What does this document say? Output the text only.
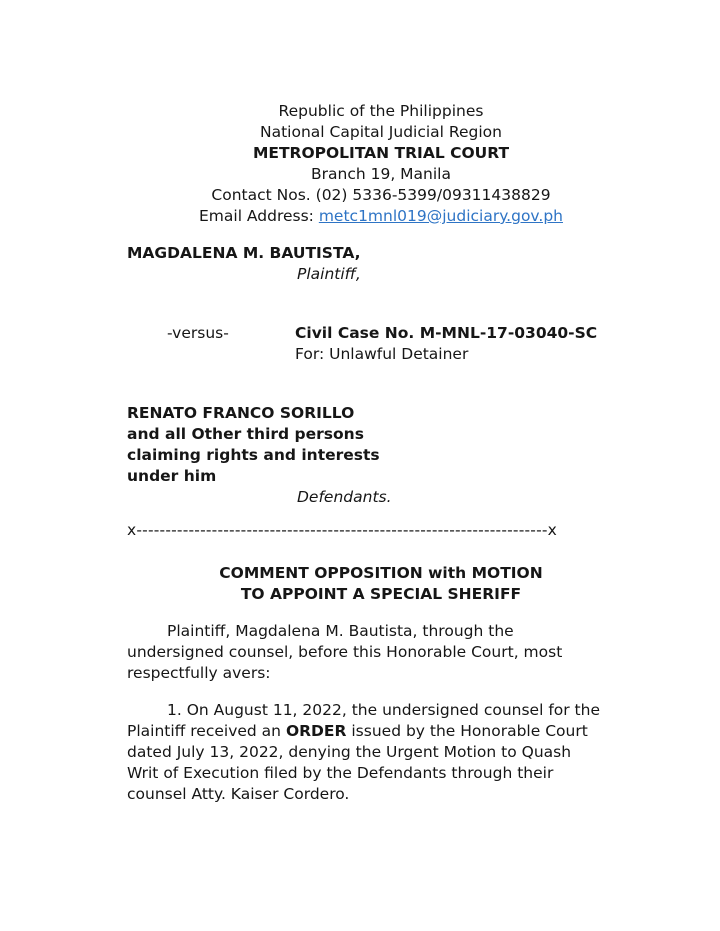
Republic of the Philippines
National Capital Judicial Region
METROPOLITAN TRIAL COURT
Branch 19, Manila
Contact Nos. (02) 5336-5399/09311438829
Email Address: metc1mnl019@judiciary.gov.ph
MAGDALENA M. BAUTISTA,
Plaintiff,
-versus-	Civil Case No. M-MNL-17-03040-SC
For: Unlawful Detainer
RENATO FRANCO SORILLO
and all Other third persons
claiming rights and interests
under him
Defendants.
x-----------------------------------------------------------------------x
COMMENT OPPOSITION with MOTION
TO APPOINT A SPECIAL SHERIFF
Plaintiff, Magdalena M. Bautista, through the
undersigned counsel, before this Honorable Court, most
respectfully avers:
1. On August 11, 2022, the undersigned counsel for the
Plaintiff received an ORDER issued by the Honorable Court
dated July 13, 2022, denying the Urgent Motion to Quash
Writ of Execution filed by the Defendants through their
counsel Atty. Kaiser Cordero.
